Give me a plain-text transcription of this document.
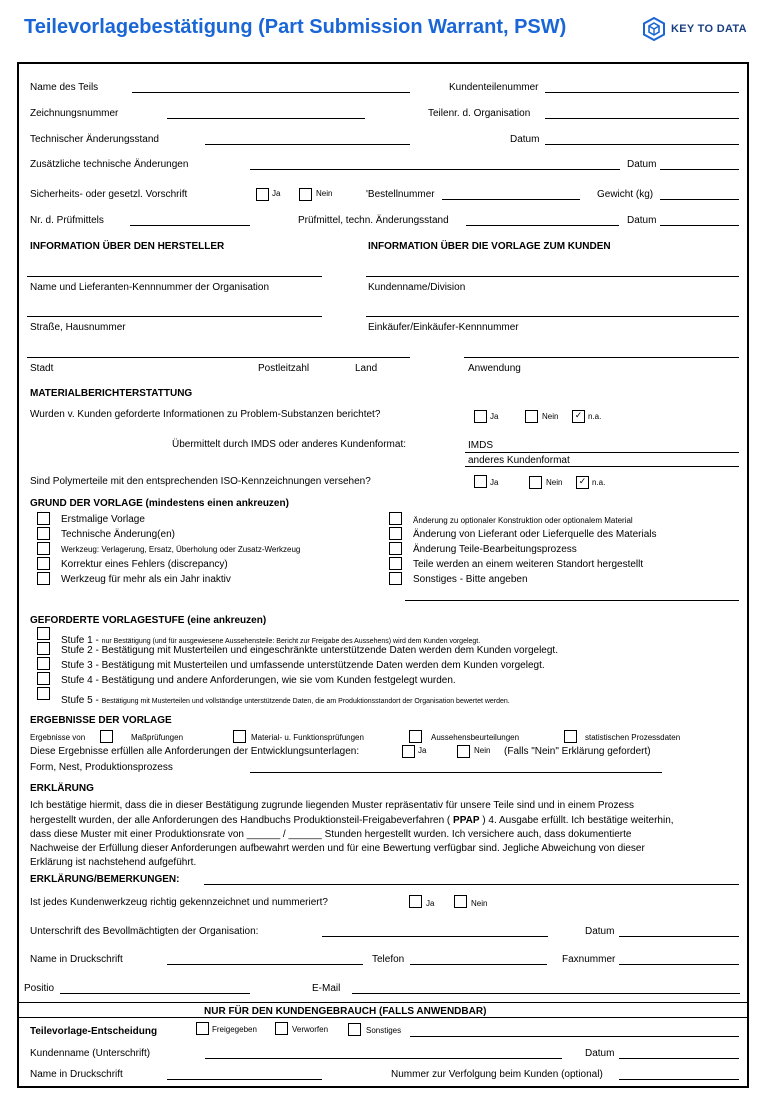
Teilevorlagebestätigung (Part Submission Warrant, PSW)	KEY TO DATA
Name des Teils	Kundenteilenummer
Zeichnungsnummer	Teilenr. d. Organisation
Technischer Änderungsstand	Datum
Zusätzliche technische Änderungen	Datum
Sicherheits- oder gesetzl. Vorschrift	Ja	Nein	'Bestellnummer	Gewicht (kg)
Nr. d. Prüfmittels	Prüfmittel, techn. Änderungsstand	Datum
INFORMATION ÜBER DEN HERSTELLER	INFORMATION ÜBER DIE VORLAGE ZUM KUNDEN
Name und Lieferanten-Kennnummer der Organisation	Kundenname/Division
Straße, Hausnummer	Einkäufer/Einkäufer-Kennnummer
Stadt	Postleitzahl	Land	Anwendung
MATERIALBERICHTERSTATTUNG
Wurden v. Kunden geforderte Informationen zu Problem-Substanzen berichtet?	Ja	Nein	✓ n.a.
Übermittelt durch IMDS oder anderes Kundenformat:	IMDS
anderes Kundenformat
Sind Polymerteile mit den entsprechenden ISO-Kennzeichnungen versehen?	Ja	Nein	✓ n.a.
GRUND DER VORLAGE (mindestens einen ankreuzen)
Erstmalige Vorlage
Technische Änderung(en)
Werkzeug: Verlagerung, Ersatz, Überholung oder Zusatz-Werkzeug
Korrektur eines Fehlers (discrepancy)
Werkzeug für mehr als ein Jahr inaktiv
Änderung zu optionaler Konstruktion oder optionalem Material
Änderung von Lieferant oder Lieferquelle des Materials
Änderung Teile-Bearbeitungsprozess
Teile werden an einem weiteren Standort hergestellt
Sonstiges - Bitte angeben
GEFORDERTE VORLAGESTUFE (eine ankreuzen)
Stufe 1 - nur Bestätigung (und für ausgewiesene Aussehensteile: Bericht zur Freigabe des Aussehens) wird dem Kunden vorgelegt.
Stufe 2 - Bestätigung mit Musterteilen und eingeschränkte unterstützende Daten werden dem Kunden vorgelegt.
Stufe 3 - Bestätigung mit Musterteilen und umfassende unterstützende Daten werden dem Kunden vorgelegt.
Stufe 4 - Bestätigung und andere Anforderungen, wie sie vom Kunden festgelegt wurden.
Stufe 5 - Bestätigung mit Musterteilen und vollständige unterstützende Daten, die am Produktionsstandort der Organisation bewertet werden.
ERGEBNISSE DER VORLAGE
Ergebnisse von	Maßprüfungen	Material- u. Funktionsprüfungen	Aussehensbeurteilungen	statistischen Prozessdaten
Diese Ergebnisse erfüllen alle Anforderungen der Entwicklungsunterlagen:	Ja	Nein (Falls "Nein" Erklärung gefordert)
Form, Nest, Produktionsprozess
ERKLÄRUNG
Ich bestätige hiermit, dass die in dieser Bestätigung zugrunde liegenden Muster repräsentativ für unsere Teile sind und in einem Prozess
hergestellt wurden, der alle Anforderungen des Handbuchs Produktionsteil-Freigabeverfahren ( PPAP ) 4. Ausgabe erfüllt. Ich bestätige weiterhin,
dass diese Muster mit einer Produktionsrate von ______ / ______ Stunden hergestellt wurden. Ich versichere auch, dass dokumentierte
Nachweise der Erfüllung dieser Anforderungen aufbewahrt werden und für eine Bewertung verfügbar sind. Jegliche Abweichung von dieser
Erklärung ist nachstehend aufgeführt.
ERKLÄRUNG/BEMERKUNGEN:
Ist jedes Kundenwerkzeug richtig gekennzeichnet und nummeriert?	Ja	Nein
Unterschrift des Bevollmächtigten der Organisation:	Datum
Name in Druckschrift	Telefon	Faxnummer
Positio	E-Mail
NUR FÜR DEN KUNDENGEBRAUCH (FALLS ANWENDBAR)
Teilevorlage-Entscheidung	Freigegeben	Verworfen	Sonstiges
Kundenname (Unterschrift)	Datum
Name in Druckschrift	Nummer zur Verfolgung beim Kunden (optional)
